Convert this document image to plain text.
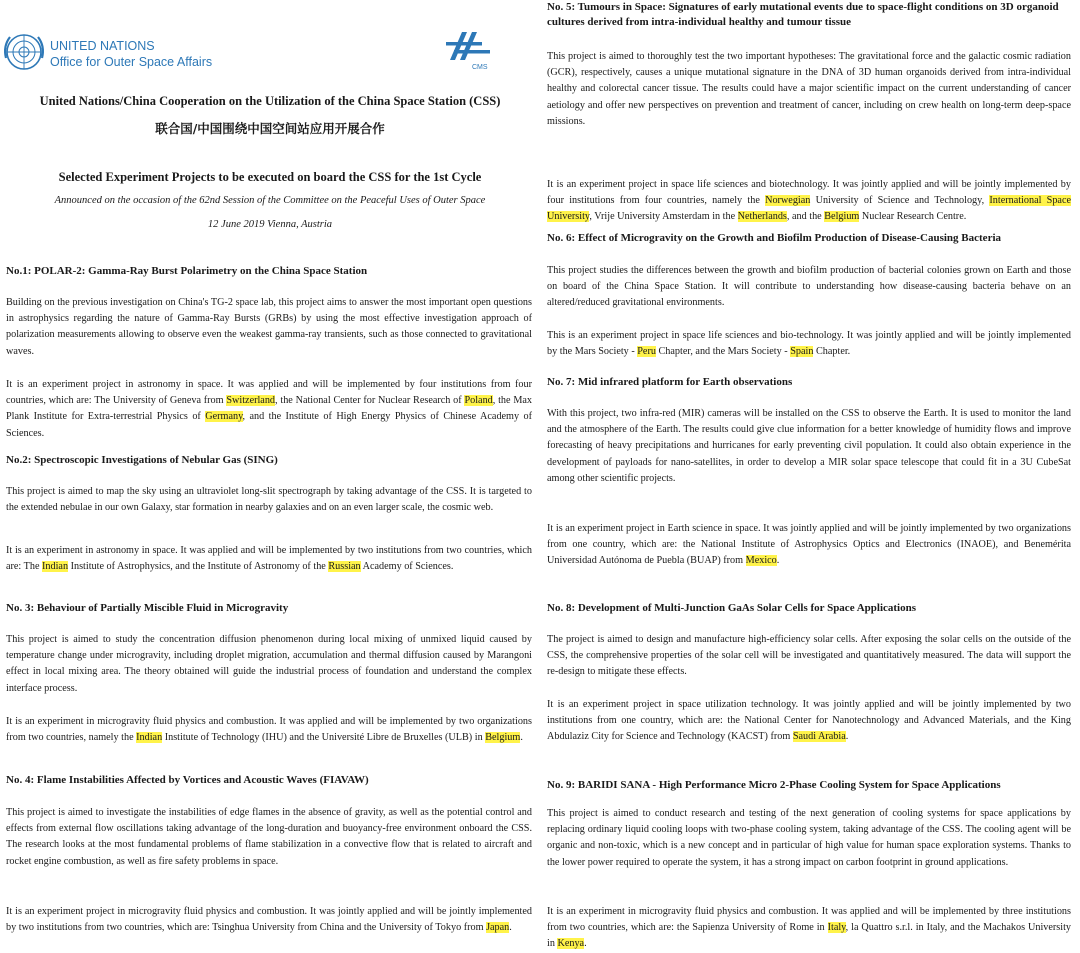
UNITED NATIONS
Office for Outer Space Affairs	CMS
United Nations/China Cooperation on the Utilization of the China Space Station (CSS)
联合国/中国围绕中国空间站应用开展合作
Selected Experiment Projects to be executed on board the CSS for the 1st Cycle
Announced on the occasion of the 62nd Session of the Committee on the Peaceful Uses of Outer Space
12 June 2019 Vienna, Austria
No.1: POLAR-2: Gamma-Ray Burst Polarimetry on the China Space Station
Building on the previous investigation on China's TG-2 space lab, this project aims to answer the most important open questions in astrophysics regarding the nature of Gamma-Ray Bursts (GRBs) by using the most effective investigation approach of polarization measurements allowing to observe even the weakest gamma-ray transients, such as those connected to gravitational waves.
It is an experiment project in astronomy in space. It was applied and will be implemented by four institutions from four countries, which are: The University of Geneva from Switzerland, the National Center for Nuclear Research of Poland, the Max Plank Institute for Extra-terrestrial Physics of Germany, and the Institute of High Energy Physics of Chinese Academy of Sciences.
No.2: Spectroscopic Investigations of Nebular Gas (SING)
This project is aimed to map the sky using an ultraviolet long-slit spectrograph by taking advantage of the CSS. It is targeted to the extended nebulae in our own Galaxy, star formation in nearby galaxies and on an even larger scale, the cosmic web.
It is an experiment in astronomy in space. It was applied and will be implemented by two institutions from two countries, which are: The Indian Institute of Astrophysics, and the Institute of Astronomy of the Russian Academy of Sciences.
No. 3: Behaviour of Partially Miscible Fluid in Microgravity
This project is aimed to study the concentration diffusion phenomenon during local mixing of unmixed liquid caused by temperature change under microgravity, including droplet migration, accumulation and thermal diffusion caused by Marangoni effect in local mixing area. The theory obtained will guide the industrial process of foundation and understand the complex interface process.
It is an experiment in microgravity fluid physics and combustion. It was applied and will be implemented by two organizations from two countries, namely the Indian Institute of Technology (IHU) and the Université Libre de Bruxelles (ULB) in Belgium.
No. 4: Flame Instabilities Affected by Vortices and Acoustic Waves (FIAVAW)
This project is aimed to investigate the instabilities of edge flames in the absence of gravity, as well as the potential control and effects from external flow oscillations taking advantage of the long-duration and buoyancy-free environment onboard the CSS. The research looks at the most fundamental problems of flame stabilization in a convective flow that is related to aircraft and rocket engine combustion, as well as fire safety problems in space.
It is an experiment project in microgravity fluid physics and combustion. It was jointly applied and will be jointly implemented by two institutions from two countries, which are: Tsinghua University from China and the University of Tokyo from Japan.
No. 5: Tumours in Space: Signatures of early mutational events due to space-flight conditions on 3D organoid cultures derived from intra-individual healthy and tumour tissue
This project is aimed to thoroughly test the two important hypotheses: The gravitational force and the galactic cosmic radiation (GCR), respectively, causes a unique mutational signature in the DNA of 3D human organoids derived from intra-individual healthy and colorectal cancer tissue. The results could have a major scientific impact on the current understanding of cancer aetiology and offer new perspectives on prevention and treatment of cancer, including on crew health on long-term deep-space missions.
It is an experiment project in space life sciences and biotechnology. It was jointly applied and will be jointly implemented by four institutions from four countries, namely the Norwegian University of Science and Technology, International Space University, Vrije University Amsterdam in the Netherlands, and the Belgium Nuclear Research Centre.
No. 6: Effect of Microgravity on the Growth and Biofilm Production of Disease-Causing Bacteria
This project studies the differences between the growth and biofilm production of bacterial colonies grown on Earth and those on board of the China Space Station. It will contribute to understanding how disease-causing bacteria behave on an altered/reduced gravitational environments.
This is an experiment project in space life sciences and bio-technology. It was jointly applied and will be jointly implemented by the Mars Society - Peru Chapter, and the Mars Society - Spain Chapter.
No. 7: Mid infrared platform for Earth observations
With this project, two infra-red (MIR) cameras will be installed on the CSS to observe the Earth. It is used to monitor the land and the atmosphere of the Earth. The results could give clue information for a better knowledge of humidity flows and improve forecasting of heavy precipitations and hurricanes for early preventing civil population. It could also obtain experience in the development of payloads for nano-satellites, in order to develop a MIR solar space telescope that could fit in a 3U CubeSat among other scientific projects.
It is an experiment project in Earth science in space. It was jointly applied and will be jointly implemented by two organizations from one country, which are: the National Institute of Astrophysics Optics and Electronics (INAOE), and Benemérita Universidad Autónoma de Puebla (BUAP) from Mexico.
No. 8: Development of Multi-Junction GaAs Solar Cells for Space Applications
The project is aimed to design and manufacture high-efficiency solar cells. After exposing the solar cells on the outside of the CSS, the comprehensive properties of the solar cell will be investigated and quantitatively measured. The data will support the re-design to mitigate these effects.
It is an experiment project in space utilization technology. It was jointly applied and will be jointly implemented by two institutions from one country, which are: the National Center for Nanotechnology and Advanced Materials, and the King Abdulaziz City for Science and Technology (KACST) from Saudi Arabia.
No. 9: BARIDI SANA - High Performance Micro 2-Phase Cooling System for Space Applications
This project is aimed to conduct research and testing of the next generation of cooling systems for space applications by replacing ordinary liquid cooling loops with two-phase cooling system, taking advantage of the CSS. The cooling agent will be organic and non-toxic, which is a new concept and in particular of high value for human space exploration systems. Thanks to the lower power required to operate the system, it has a strong impact on carbon footprint in ground applications.
It is an experiment in microgravity fluid physics and combustion. It was applied and will be implemented by three institutions from two countries, which are: the Sapienza University of Rome in Italy, la Quattro s.r.l. in Italy, and the Machakos University in Kenya.
